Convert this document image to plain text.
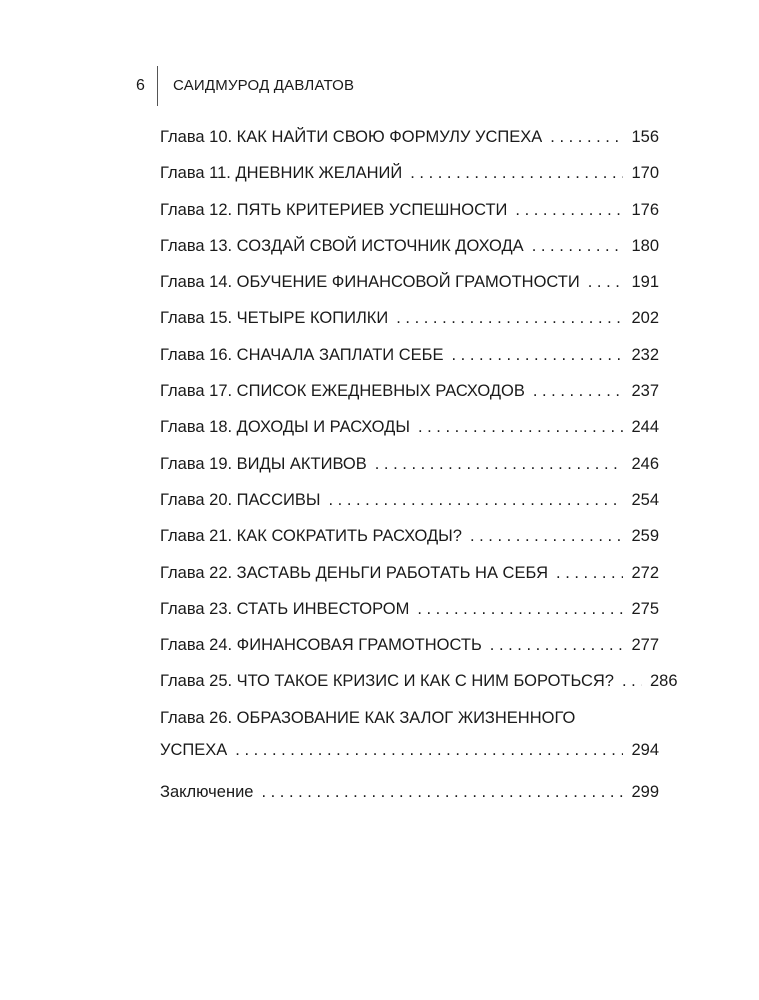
6 САИДМУРОД ДАВЛАТОВ
Глава 10. КАК НАЙТИ СВОЮ ФОРМУЛУ УСПЕХА . . .	156
Глава 11. ДНЕВНИК ЖЕЛАНИЙ . . .	170
Глава 12. ПЯТЬ КРИТЕРИЕВ УСПЕШНОСТИ . . .	176
Глава 13. СОЗДАЙ СВОЙ ИСТОЧНИК ДОХОДА . . .	180
Глава 14. ОБУЧЕНИЕ ФИНАНСОВОЙ ГРАМОТНОСТИ . . .	191
Глава 15. ЧЕТЫРЕ КОПИЛКИ . . .	202
Глава 16. СНАЧАЛА ЗАПЛАТИ СЕБЕ . . .	232
Глава 17. СПИСОК ЕЖЕДНЕВНЫХ РАСХОДОВ . . .	237
Глава 18. ДОХОДЫ И РАСХОДЫ . . .	244
Глава 19. ВИДЫ АКТИВОВ . . .	246
Глава 20. ПАССИВЫ . . .	254
Глава 21. КАК СОКРАТИТЬ РАСХОДЫ? . . .	259
Глава 22. ЗАСТАВЬ ДЕНЬГИ РАБОТАТЬ НА СЕБЯ . . .	272
Глава 23. СТАТЬ ИНВЕСТОРОМ . . .	275
Глава 24. ФИНАНСОВАЯ ГРАМОТНОСТЬ . . .	277
Глава 25. ЧТО ТАКОЕ КРИЗИС И КАК С НИМ БОРОТЬСЯ? . . . 286
Глава 26. ОБРАЗОВАНИЕ КАК ЗАЛОГ ЖИЗНЕННОГО
УСПЕХА . . .	294
Заключение . . .	299
